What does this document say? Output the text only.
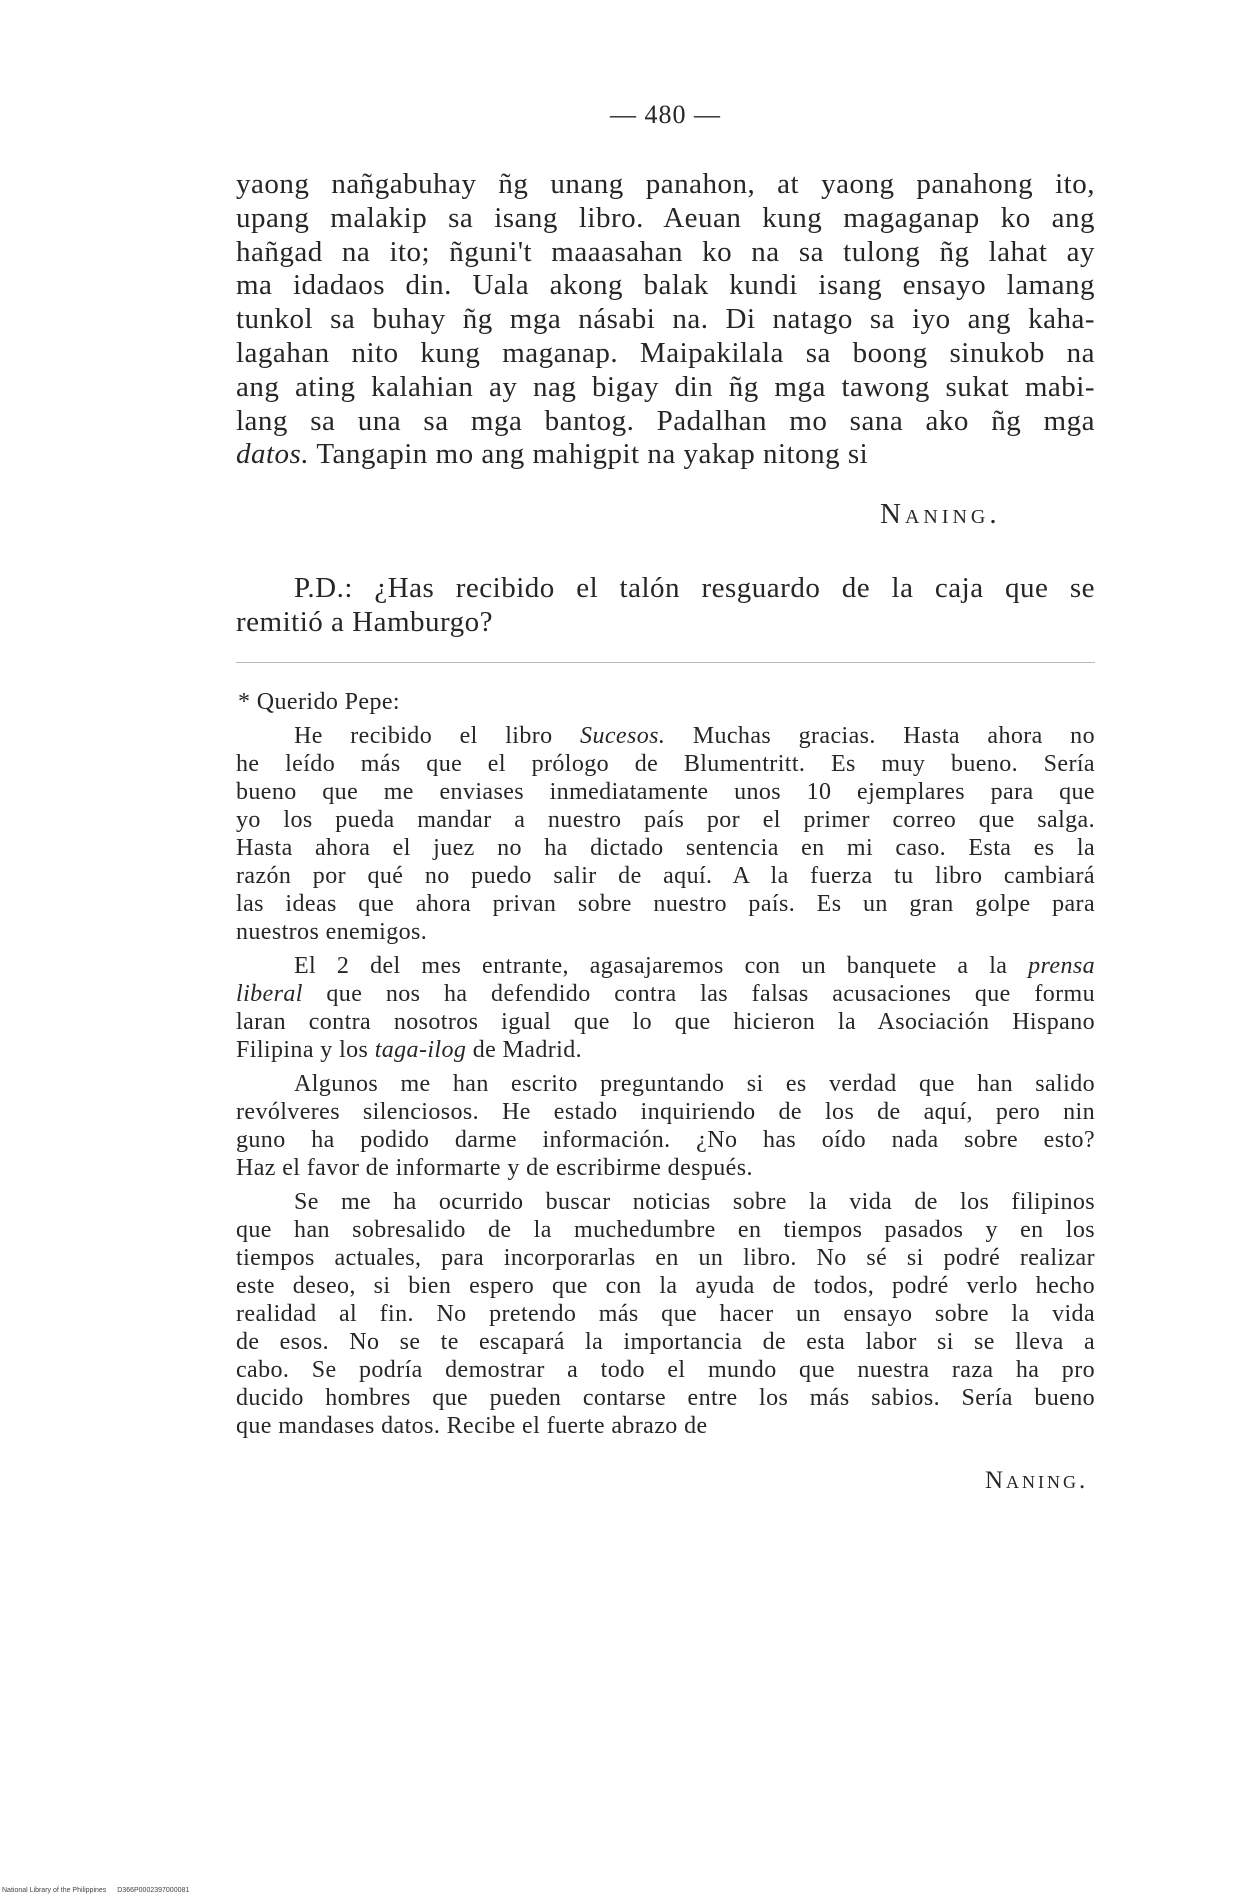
— 480 —
yaong nañgabuhay ñg unang panahon, at yaong panahong ito,
upang malakip sa isang libro. Aeuan kung magaganap ko ang
hañgad na ito; ñguni't maaasahan ko na sa tulong ñg lahat ay
ma idadaos din. Uala akong balak kundi isang ensayo lamang
tunkol sa buhay ñg mga násabi na. Di natago sa iyo ang kaha-
lagahan nito kung maganap. Maipakilala sa boong sinukob na
ang ating kalahian ay nag bigay din ñg mga tawong sukat mabi-
lang sa una sa mga bantog. Padalhan mo sana ako ñg mga
datos. Tangapin mo ang mahigpit na yakap nitong si
Naning.
P.D.: ¿Has recibido el talón resguardo de la caja que se
remitió a Hamburgo?
* Querido Pepe:
He recibido el libro Sucesos. Muchas gracias. Hasta ahora no
he leído más que el prólogo de Blumentritt. Es muy bueno. Sería
bueno que me enviases inmediatamente unos 10 ejemplares para que
yo los pueda mandar a nuestro país por el primer correo que salga.
Hasta ahora el juez no ha dictado sentencia en mi caso. Esta es la
razón por qué no puedo salir de aquí. A la fuerza tu libro cambiará
las ideas que ahora privan sobre nuestro país. Es un gran golpe para
nuestros enemigos.
El 2 del mes entrante, agasajaremos con un banquete a la prensa
liberal que nos ha defendido contra las falsas acusaciones que formu
laran contra nosotros igual que lo que hicieron la Asociación Hispano
Filipina y los taga-ilog de Madrid.
Algunos me han escrito preguntando si es verdad que han salido
revólveres silenciosos. He estado inquiriendo de los de aquí, pero nin
guno ha podido darme información. ¿No has oído nada sobre esto?
Haz el favor de informarte y de escribirme después.
Se me ha ocurrido buscar noticias sobre la vida de los filipinos
que han sobresalido de la muchedumbre en tiempos pasados y en los
tiempos actuales, para incorporarlas en un libro. No sé si podré realizar
este deseo, si bien espero que con la ayuda de todos, podré verlo hecho
realidad al fin. No pretendo más que hacer un ensayo sobre la vida
de esos. No se te escapará la importancia de esta labor si se lleva a
cabo. Se podría demostrar a todo el mundo que nuestra raza ha pro
ducido hombres que pueden contarse entre los más sabios. Sería bueno
que mandases datos. Recibe el fuerte abrazo de
Naning.
National Library of the Philippines D366P0002397000081
